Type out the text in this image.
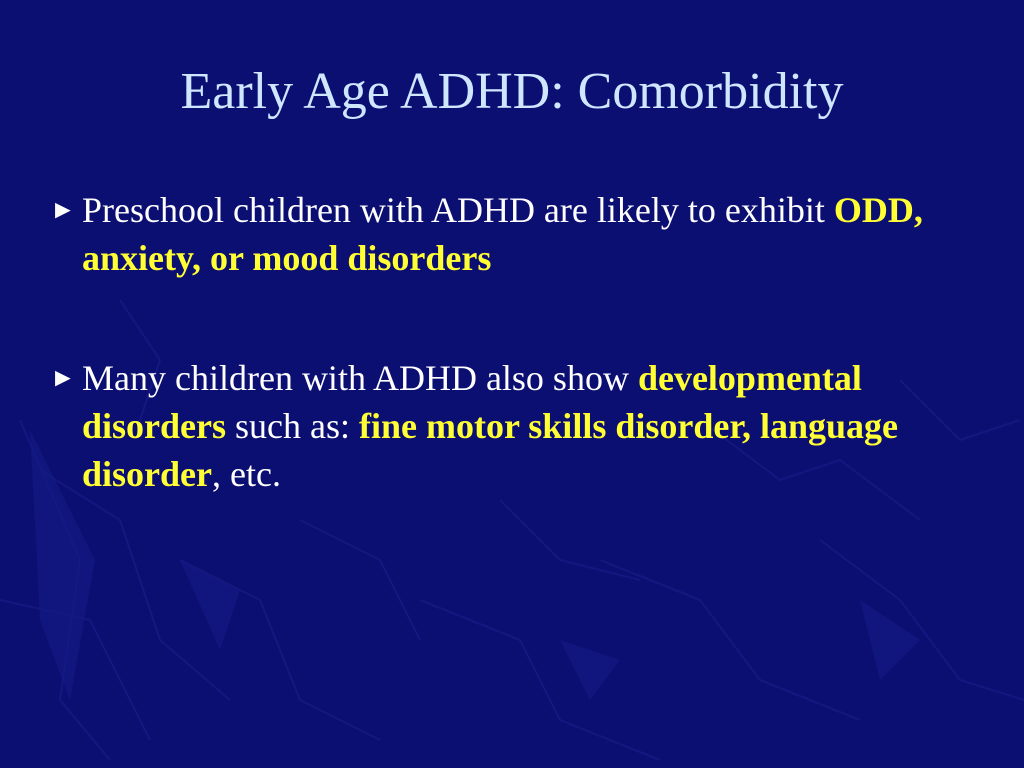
Early Age ADHD: Comorbidity
► Preschool children with ADHD are likely to exhibit ODD, anxiety, or mood disorders
► Many children with ADHD also show developmental disorders such as: fine motor skills disorder, language disorder, etc.
